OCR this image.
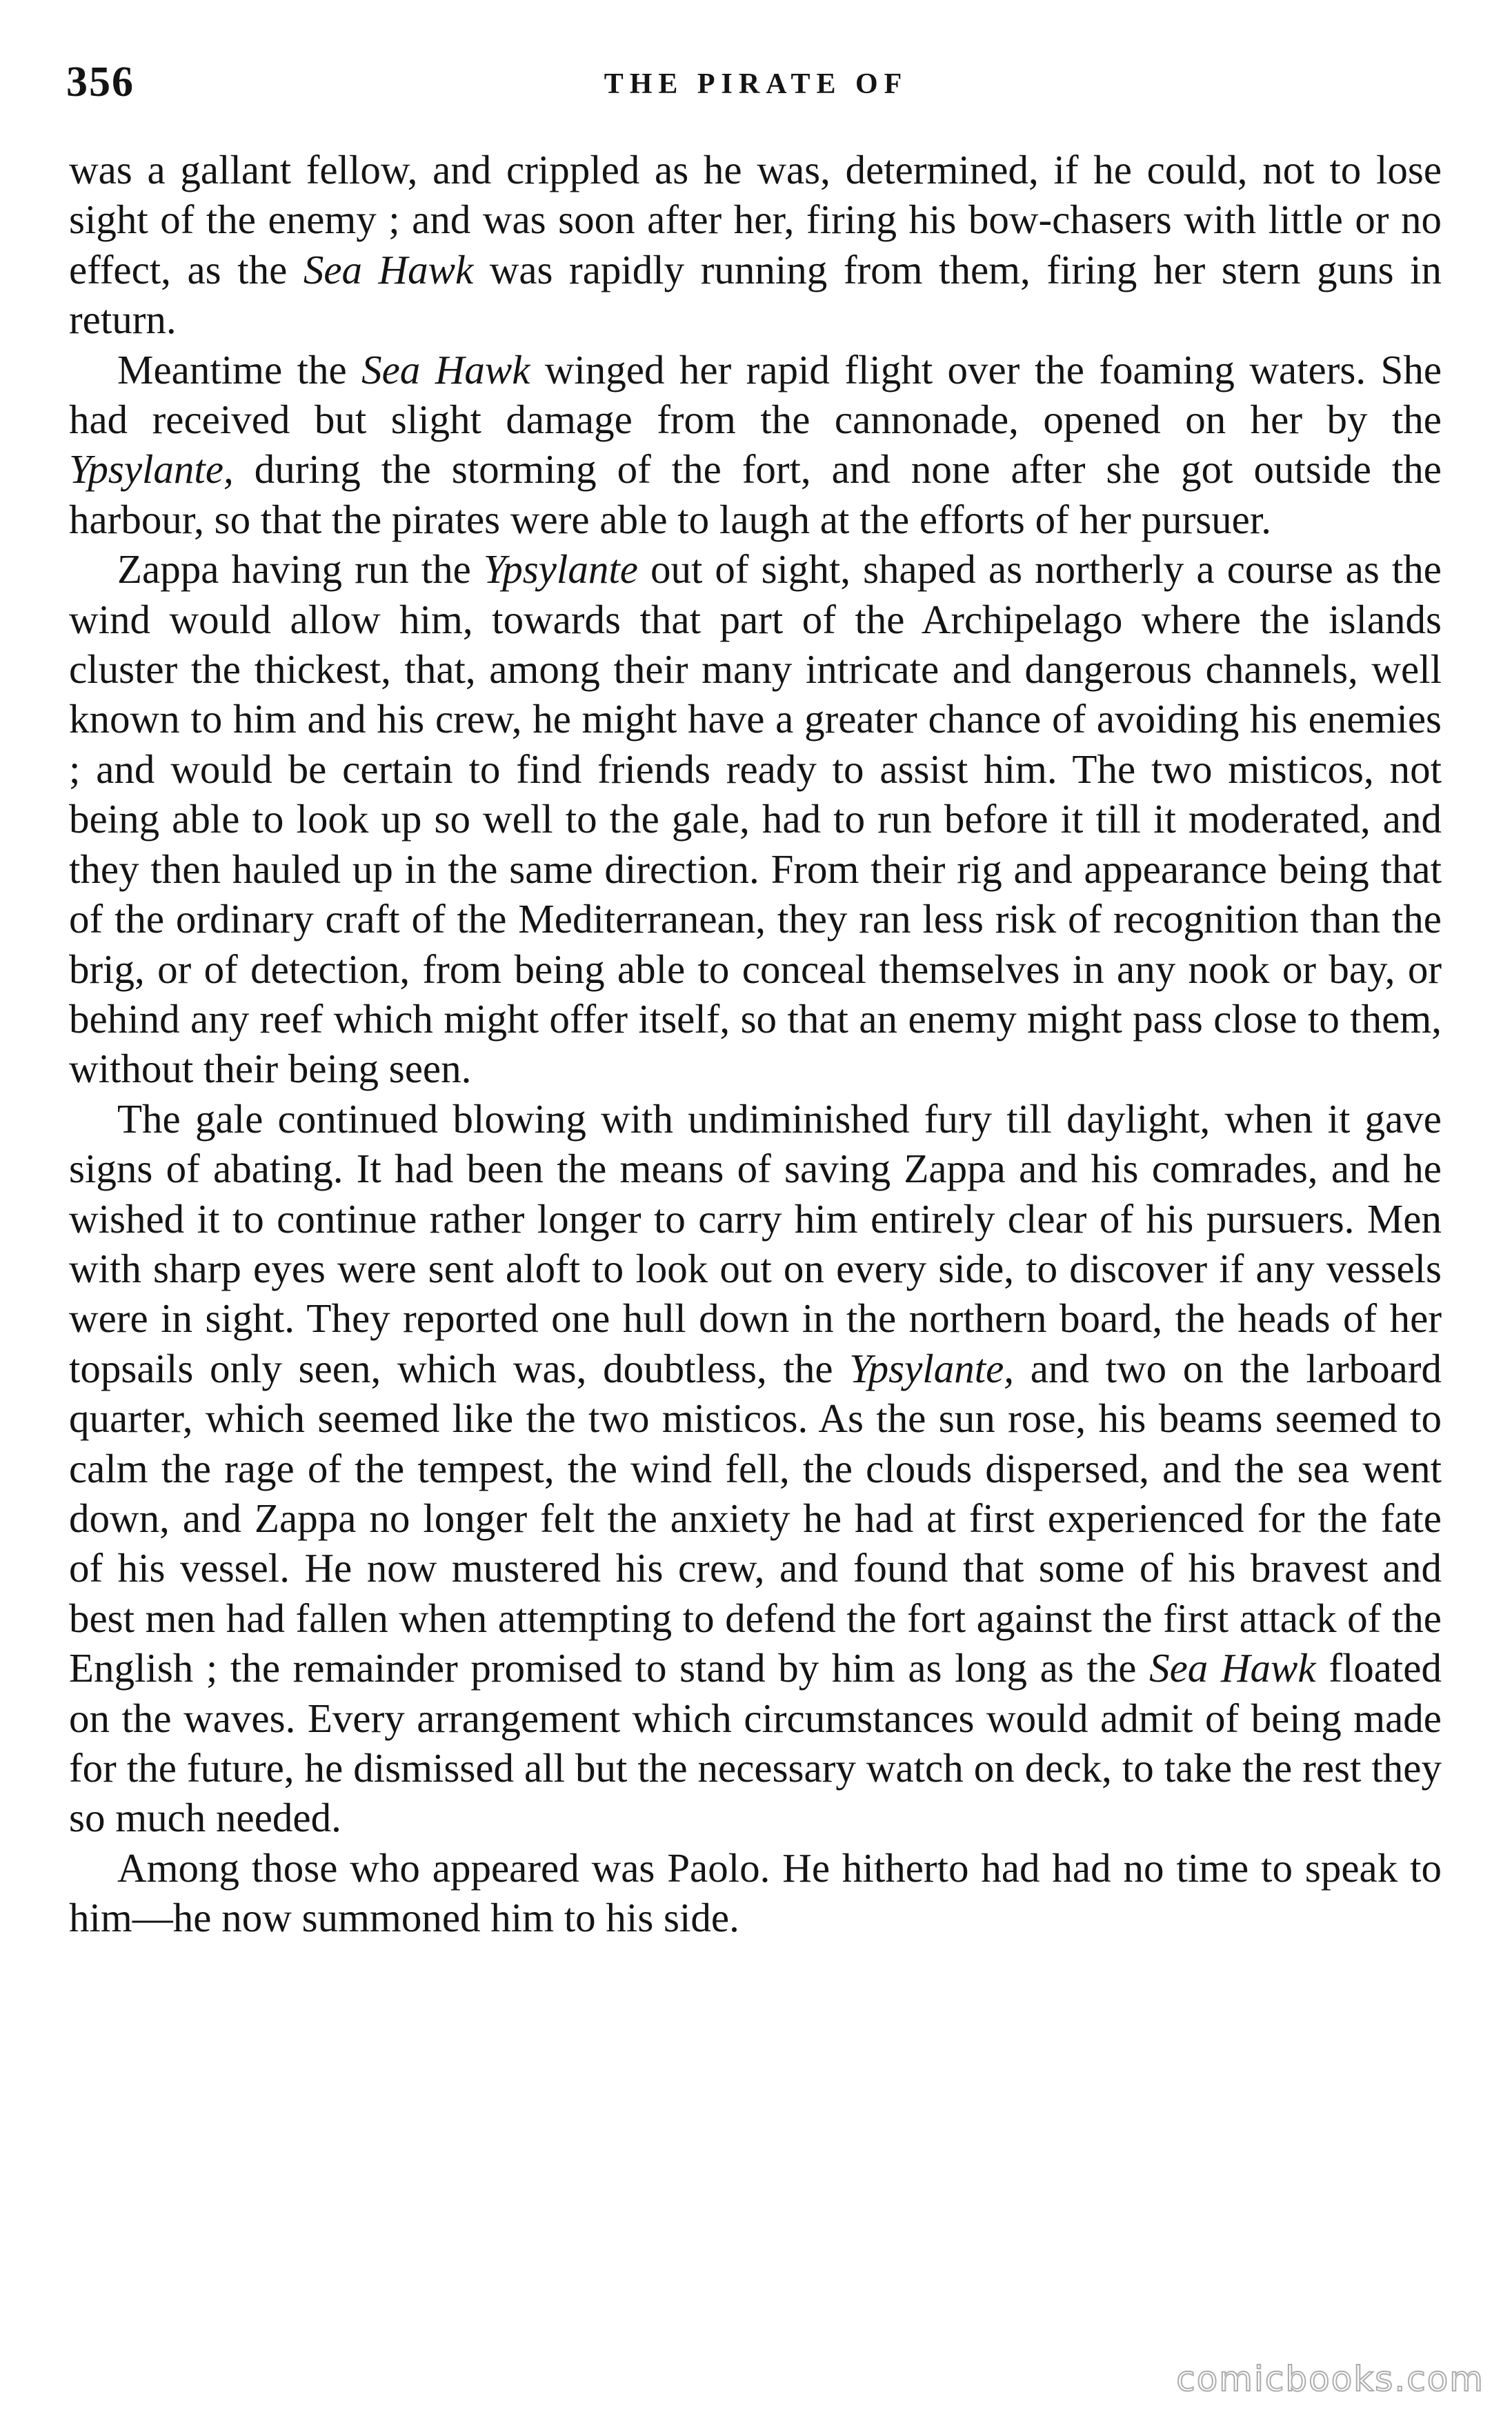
356	THE PIRATE OF

was a gallant fellow, and crippled as he was, determined, if he could, not to lose sight of the enemy ; and was soon after her, firing his bow-chasers with little or no effect, as the Sea Hawk was rapidly running from them, firing her stern guns in return.

Meantime the Sea Hawk winged her rapid flight over the foaming waters. She had received but slight damage from the cannonade, opened on her by the Ypsylante, during the storming of the fort, and none after she got outside the harbour, so that the pirates were able to laugh at the efforts of her pursuer.

Zappa having run the Ypsylante out of sight, shaped as northerly a course as the wind would allow him, towards that part of the Archipelago where the islands cluster the thickest, that, among their many intricate and dangerous channels, well known to him and his crew, he might have a greater chance of avoiding his enemies ; and would be certain to find friends ready to assist him. The two misticos, not being able to look up so well to the gale, had to run before it till it moderated, and they then hauled up in the same direction. From their rig and appearance being that of the ordinary craft of the Mediterranean, they ran less risk of recognition than the brig, or of detection, from being able to conceal themselves in any nook or bay, or behind any reef which might offer itself, so that an enemy might pass close to them, without their being seen.

The gale continued blowing with undiminished fury till daylight, when it gave signs of abating. It had been the means of saving Zappa and his comrades, and he wished it to continue rather longer to carry him entirely clear of his pursuers. Men with sharp eyes were sent aloft to look out on every side, to discover if any vessels were in sight. They reported one hull down in the northern board, the heads of her topsails only seen, which was, doubtless, the Ypsylante, and two on the larboard quarter, which seemed like the two misticos. As the sun rose, his beams seemed to calm the rage of the tempest, the wind fell, the clouds dispersed, and the sea went down, and Zappa no longer felt the anxiety he had at first experienced for the fate of his vessel. He now mustered his crew, and found that some of his bravest and best men had fallen when attempting to defend the fort against the first attack of the English ; the remainder promised to stand by him as long as the Sea Hawk floated on the waves. Every arrangement which circumstances would admit of being made for the future, he dismissed all but the necessary watch on deck, to take the rest they so much needed.

Among those who appeared was Paolo. He hitherto had had no time to speak to him—he now summoned him to his side.

comicbooks.com
